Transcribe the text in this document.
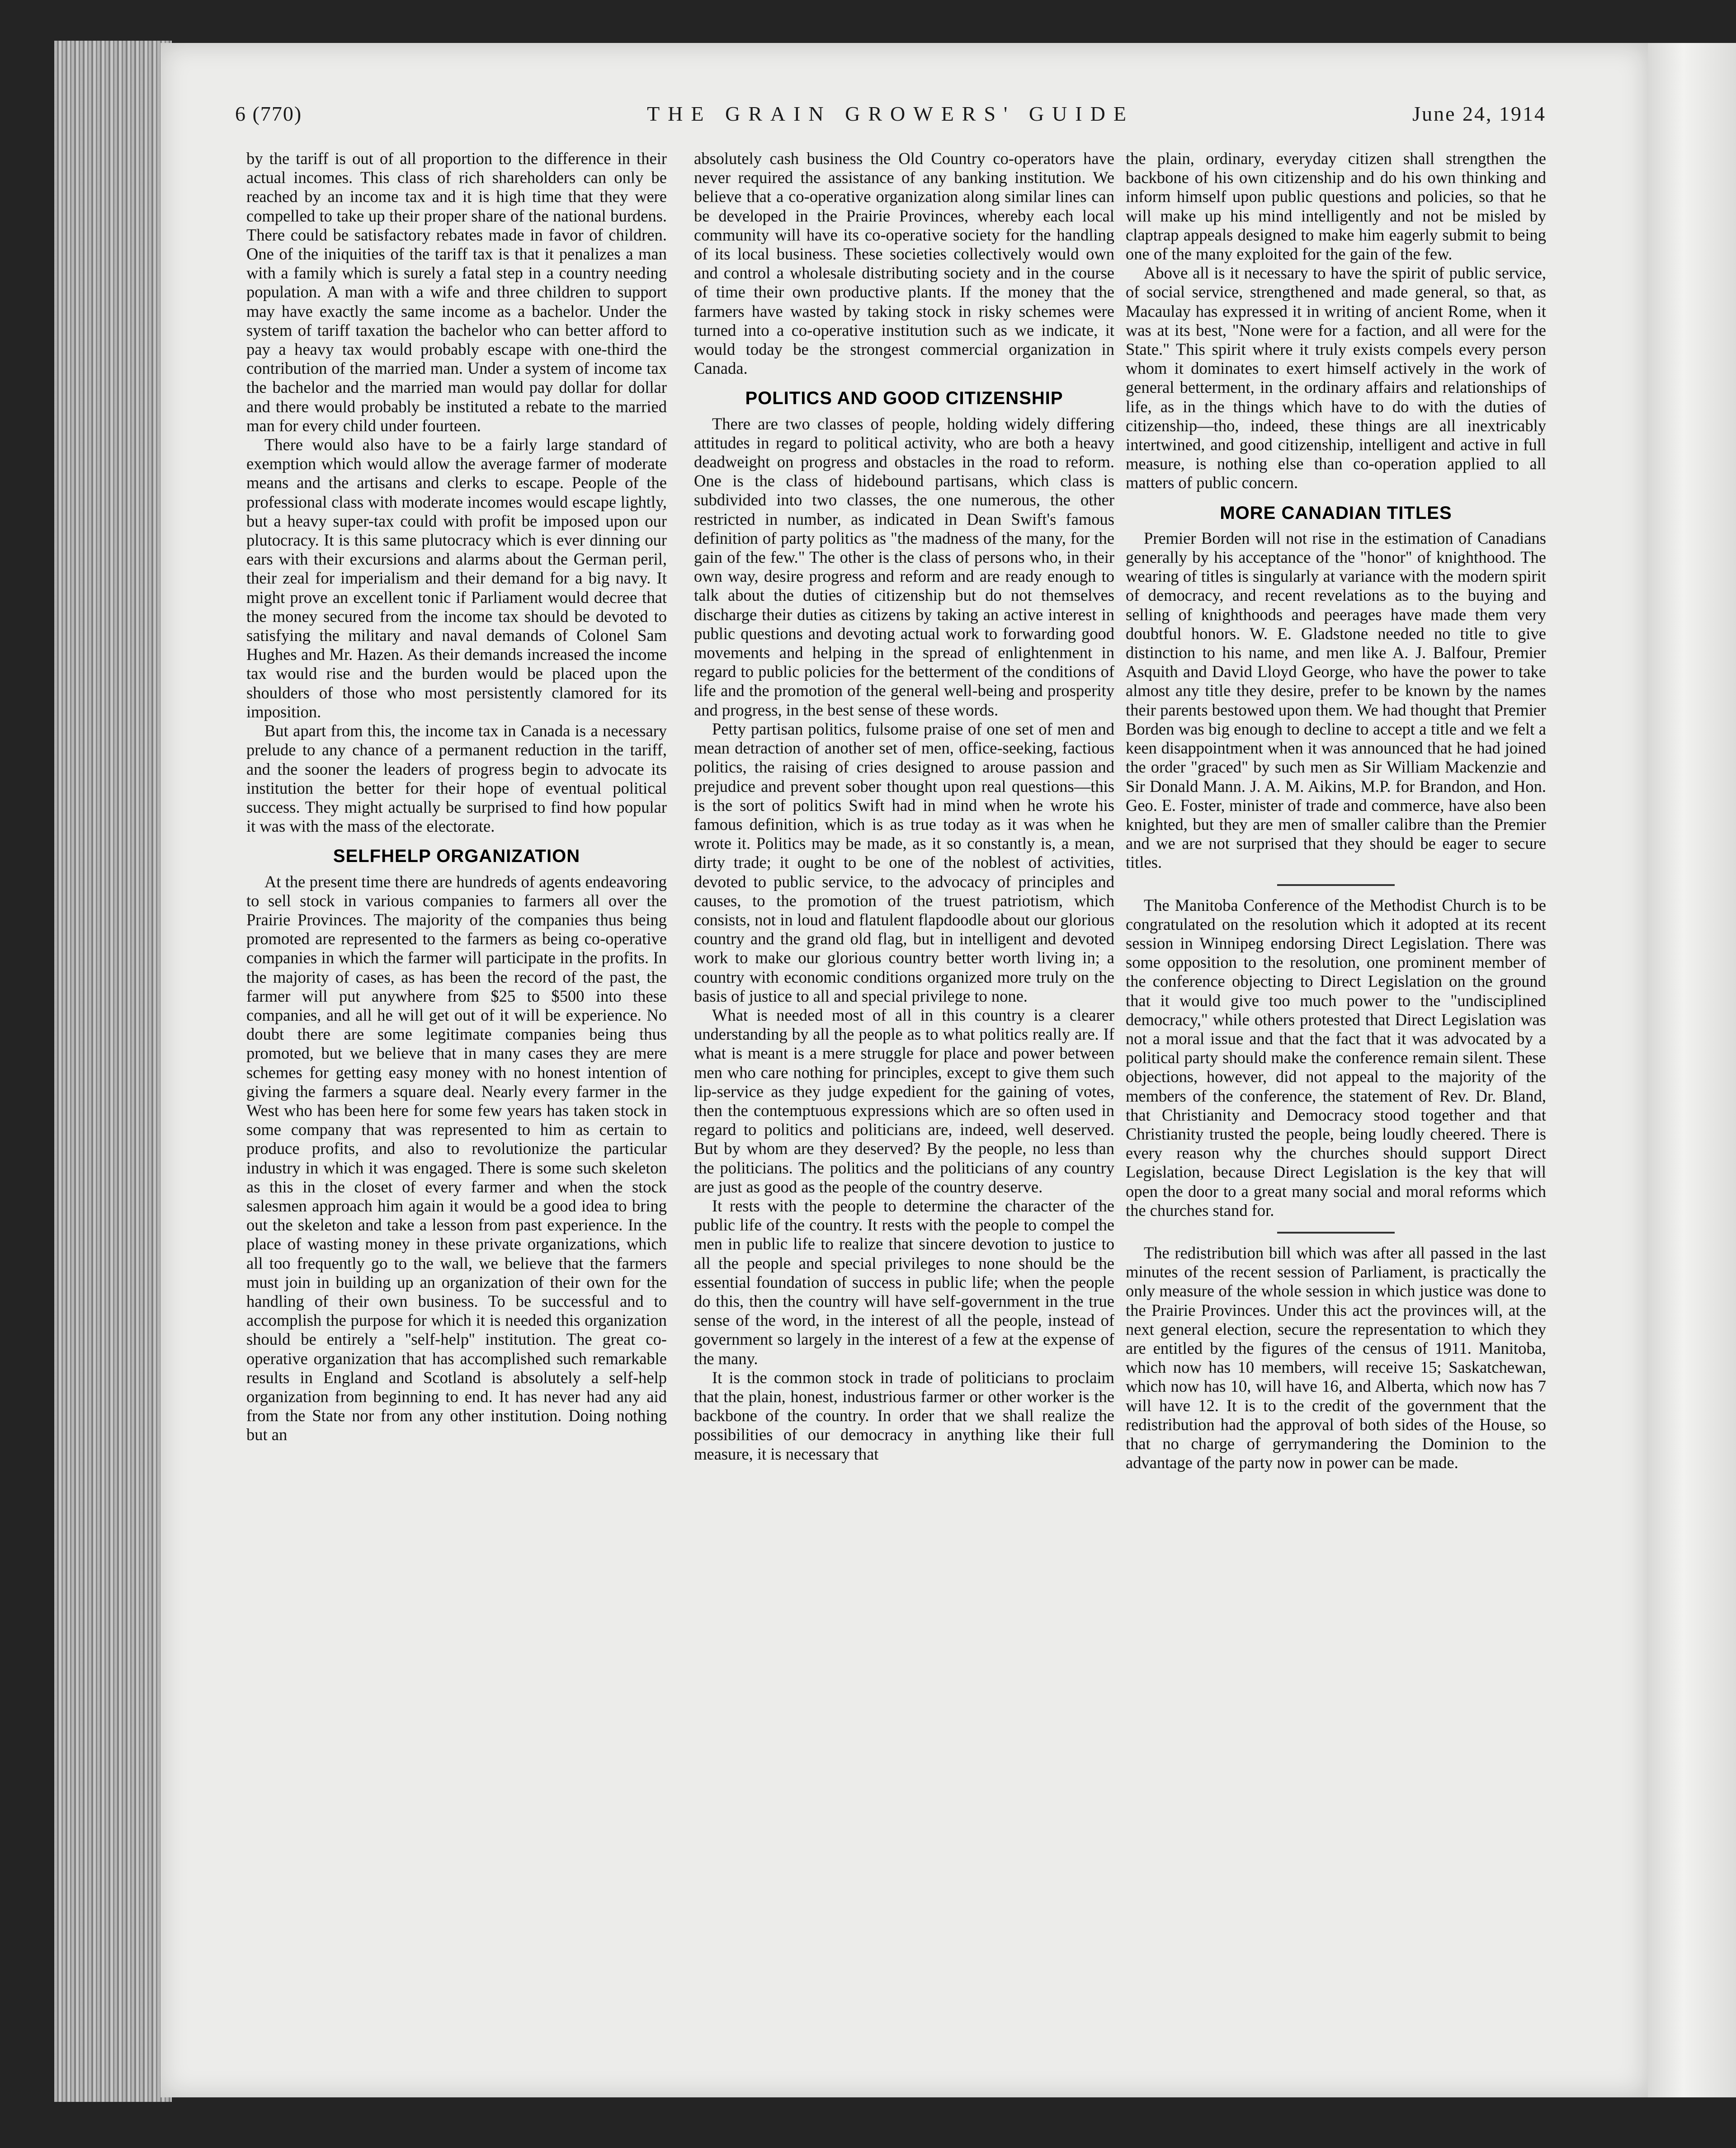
6 (770)	THE GRAIN GROWERS' GUIDE	June 24, 1914

by the tariff is out of all proportion to the difference in their actual incomes. This class of rich shareholders can only be reached by an income tax and it is high time that they were compelled to take up their proper share of the national burdens. There could be satisfactory rebates made in favor of children. One of the iniquities of the tariff tax is that it penalizes a man with a family which is surely a fatal step in a country needing population. A man with a wife and three children to support may have exactly the same income as a bachelor. Under the system of tariff taxation the bachelor who can better afford to pay a heavy tax would probably escape with one-third the contribution of the married man. Under a system of income tax the bachelor and the married man would pay dollar for dollar and there would probably be instituted a rebate to the married man for every child under fourteen.

There would also have to be a fairly large standard of exemption which would allow the average farmer of moderate means and the artisans and clerks to escape. People of the professional class with moderate incomes would escape lightly, but a heavy super-tax could with profit be imposed upon our plutocracy. It is this same plutocracy which is ever dinning our ears with their excursions and alarms about the German peril, their zeal for imperialism and their demand for a big navy. It might prove an excellent tonic if Parliament would decree that the money secured from the income tax should be devoted to satisfying the military and naval demands of Colonel Sam Hughes and Mr. Hazen. As their demands increased the income tax would rise and the burden would be placed upon the shoulders of those who most persistently clamored for its imposition.

But apart from this, the income tax in Canada is a necessary prelude to any chance of a permanent reduction in the tariff, and the sooner the leaders of progress begin to advocate its institution the better for their hope of eventual political success. They might actually be surprised to find how popular it was with the mass of the electorate.

SELFHELP ORGANIZATION

At the present time there are hundreds of agents endeavoring to sell stock in various companies to farmers all over the Prairie Provinces. The majority of the companies thus being promoted are represented to the farmers as being co-operative companies in which the farmer will participate in the profits. In the majority of cases, as has been the record of the past, the farmer will put anywhere from $25 to $500 into these companies, and all he will get out of it will be experience. No doubt there are some legitimate companies being thus promoted, but we believe that in many cases they are mere schemes for getting easy money with no honest intention of giving the farmers a square deal. Nearly every farmer in the West who has been here for some few years has taken stock in some company that was represented to him as certain to produce profits, and also to revolutionize the particular industry in which it was engaged. There is some such skeleton as this in the closet of every farmer and when the stock salesmen approach him again it would be a good idea to bring out the skeleton and take a lesson from past experience. In the place of wasting money in these private organizations, which all too frequently go to the wall, we believe that the farmers must join in building up an organization of their own for the handling of their own business. To be successful and to accomplish the purpose for which it is needed this organization should be entirely a ''self-help'' institution. The great co-operative organization that has accomplished such remarkable results in England and Scotland is absolutely a self-help organization from beginning to end. It has never had any aid from the State nor from any other institution. Doing nothing but an

absolutely cash business the Old Country co-operators have never required the assistance of any banking institution. We believe that a co-operative organization along similar lines can be developed in the Prairie Provinces, whereby each local community will have its co-operative society for the handling of its local business. These societies collectively would own and control a wholesale distributing society and in the course of time their own productive plants. If the money that the farmers have wasted by taking stock in risky schemes were turned into a co-operative institution such as we indicate, it would today be the strongest commercial organization in Canada.

POLITICS AND GOOD CITIZENSHIP

There are two classes of people, holding widely differing attitudes in regard to political activity, who are both a heavy deadweight on progress and obstacles in the road to reform. One is the class of hidebound partisans, which class is subdivided into two classes, the one numerous, the other restricted in number, as indicated in Dean Swift's famous definition of party politics as "the madness of the many, for the gain of the few." The other is the class of persons who, in their own way, desire progress and reform and are ready enough to talk about the duties of citizenship but do not themselves discharge their duties as citizens by taking an active interest in public questions and devoting actual work to forwarding good movements and helping in the spread of enlightenment in regard to public policies for the betterment of the conditions of life and the promotion of the general well-being and prosperity and progress, in the best sense of these words.

Petty partisan politics, fulsome praise of one set of men and mean detraction of another set of men, office-seeking, factious politics, the raising of cries designed to arouse passion and prejudice and prevent sober thought upon real questions—this is the sort of politics Swift had in mind when he wrote his famous definition, which is as true today as it was when he wrote it. Politics may be made, as it so constantly is, a mean, dirty trade; it ought to be one of the noblest of activities, devoted to public service, to the advocacy of principles and causes, to the promotion of the truest patriotism, which consists, not in loud and flatulent flapdoodle about our glorious country and the grand old flag, but in intelligent and devoted work to make our glorious country better worth living in; a country with economic conditions organized more truly on the basis of justice to all and special privilege to none.

What is needed most of all in this country is a clearer understanding by all the people as to what politics really are. If what is meant is a mere struggle for place and power between men who care nothing for principles, except to give them such lip-service as they judge expedient for the gaining of votes, then the contemptuous expressions which are so often used in regard to politics and politicians are, indeed, well deserved. But by whom are they deserved? By the people, no less than the politicians. The politics and the politicians of any country are just as good as the people of the country deserve.

It rests with the people to determine the character of the public life of the country. It rests with the people to compel the men in public life to realize that sincere devotion to justice to all the people and special privileges to none should be the essential foundation of success in public life; when the people do this, then the country will have self-government in the true sense of the word, in the interest of all the people, instead of government so largely in the interest of a few at the expense of the many.

It is the common stock in trade of politicians to proclaim that the plain, honest, industrious farmer or other worker is the backbone of the country. In order that we shall realize the possibilities of our democracy in anything like their full measure, it is necessary that

the plain, ordinary, everyday citizen shall strengthen the backbone of his own citizenship and do his own thinking and inform himself upon public questions and policies, so that he will make up his mind intelligently and not be misled by claptrap appeals designed to make him eagerly submit to being one of the many exploited for the gain of the few.

Above all is it necessary to have the spirit of public service, of social service, strengthened and made general, so that, as Macaulay has expressed it in writing of ancient Rome, when it was at its best, "None were for a faction, and all were for the State." This spirit where it truly exists compels every person whom it dominates to exert himself actively in the work of general betterment, in the ordinary affairs and relationships of life, as in the things which have to do with the duties of citizenship—tho, indeed, these things are all inextricably intertwined, and good citizenship, intelligent and active in full measure, is nothing else than co-operation applied to all matters of public concern.

MORE CANADIAN TITLES

Premier Borden will not rise in the estimation of Canadians generally by his acceptance of the "honor" of knighthood. The wearing of titles is singularly at variance with the modern spirit of democracy, and recent revelations as to the buying and selling of knighthoods and peerages have made them very doubtful honors. W. E. Gladstone needed no title to give distinction to his name, and men like A. J. Balfour, Premier Asquith and David Lloyd George, who have the power to take almost any title they desire, prefer to be known by the names their parents bestowed upon them. We had thought that Premier Borden was big enough to decline to accept a title and we felt a keen disappointment when it was announced that he had joined the order "graced" by such men as Sir William Mackenzie and Sir Donald Mann. J. A. M. Aikins, M.P. for Brandon, and Hon. Geo. E. Foster, minister of trade and commerce, have also been knighted, but they are men of smaller calibre than the Premier and we are not surprised that they should be eager to secure titles.

The Manitoba Conference of the Methodist Church is to be congratulated on the resolution which it adopted at its recent session in Winnipeg endorsing Direct Legislation. There was some opposition to the resolution, one prominent member of the conference objecting to Direct Legislation on the ground that it would give too much power to the "undisciplined democracy," while others protested that Direct Legislation was not a moral issue and that the fact that it was advocated by a political party should make the conference remain silent. These objections, however, did not appeal to the majority of the members of the conference, the statement of Rev. Dr. Bland, that Christianity and Democracy stood together and that Christianity trusted the people, being loudly cheered. There is every reason why the churches should support Direct Legislation, because Direct Legislation is the key that will open the door to a great many social and moral reforms which the churches stand for.

The redistribution bill which was after all passed in the last minutes of the recent session of Parliament, is practically the only measure of the whole session in which justice was done to the Prairie Provinces. Under this act the provinces will, at the next general election, secure the representation to which they are entitled by the figures of the census of 1911. Manitoba, which now has 10 members, will receive 15; Saskatchewan, which now has 10, will have 16, and Alberta, which now has 7 will have 12. It is to the credit of the government that the redistribution had the approval of both sides of the House, so that no charge of gerrymandering the Dominion to the advantage of the party now in power can be made.
